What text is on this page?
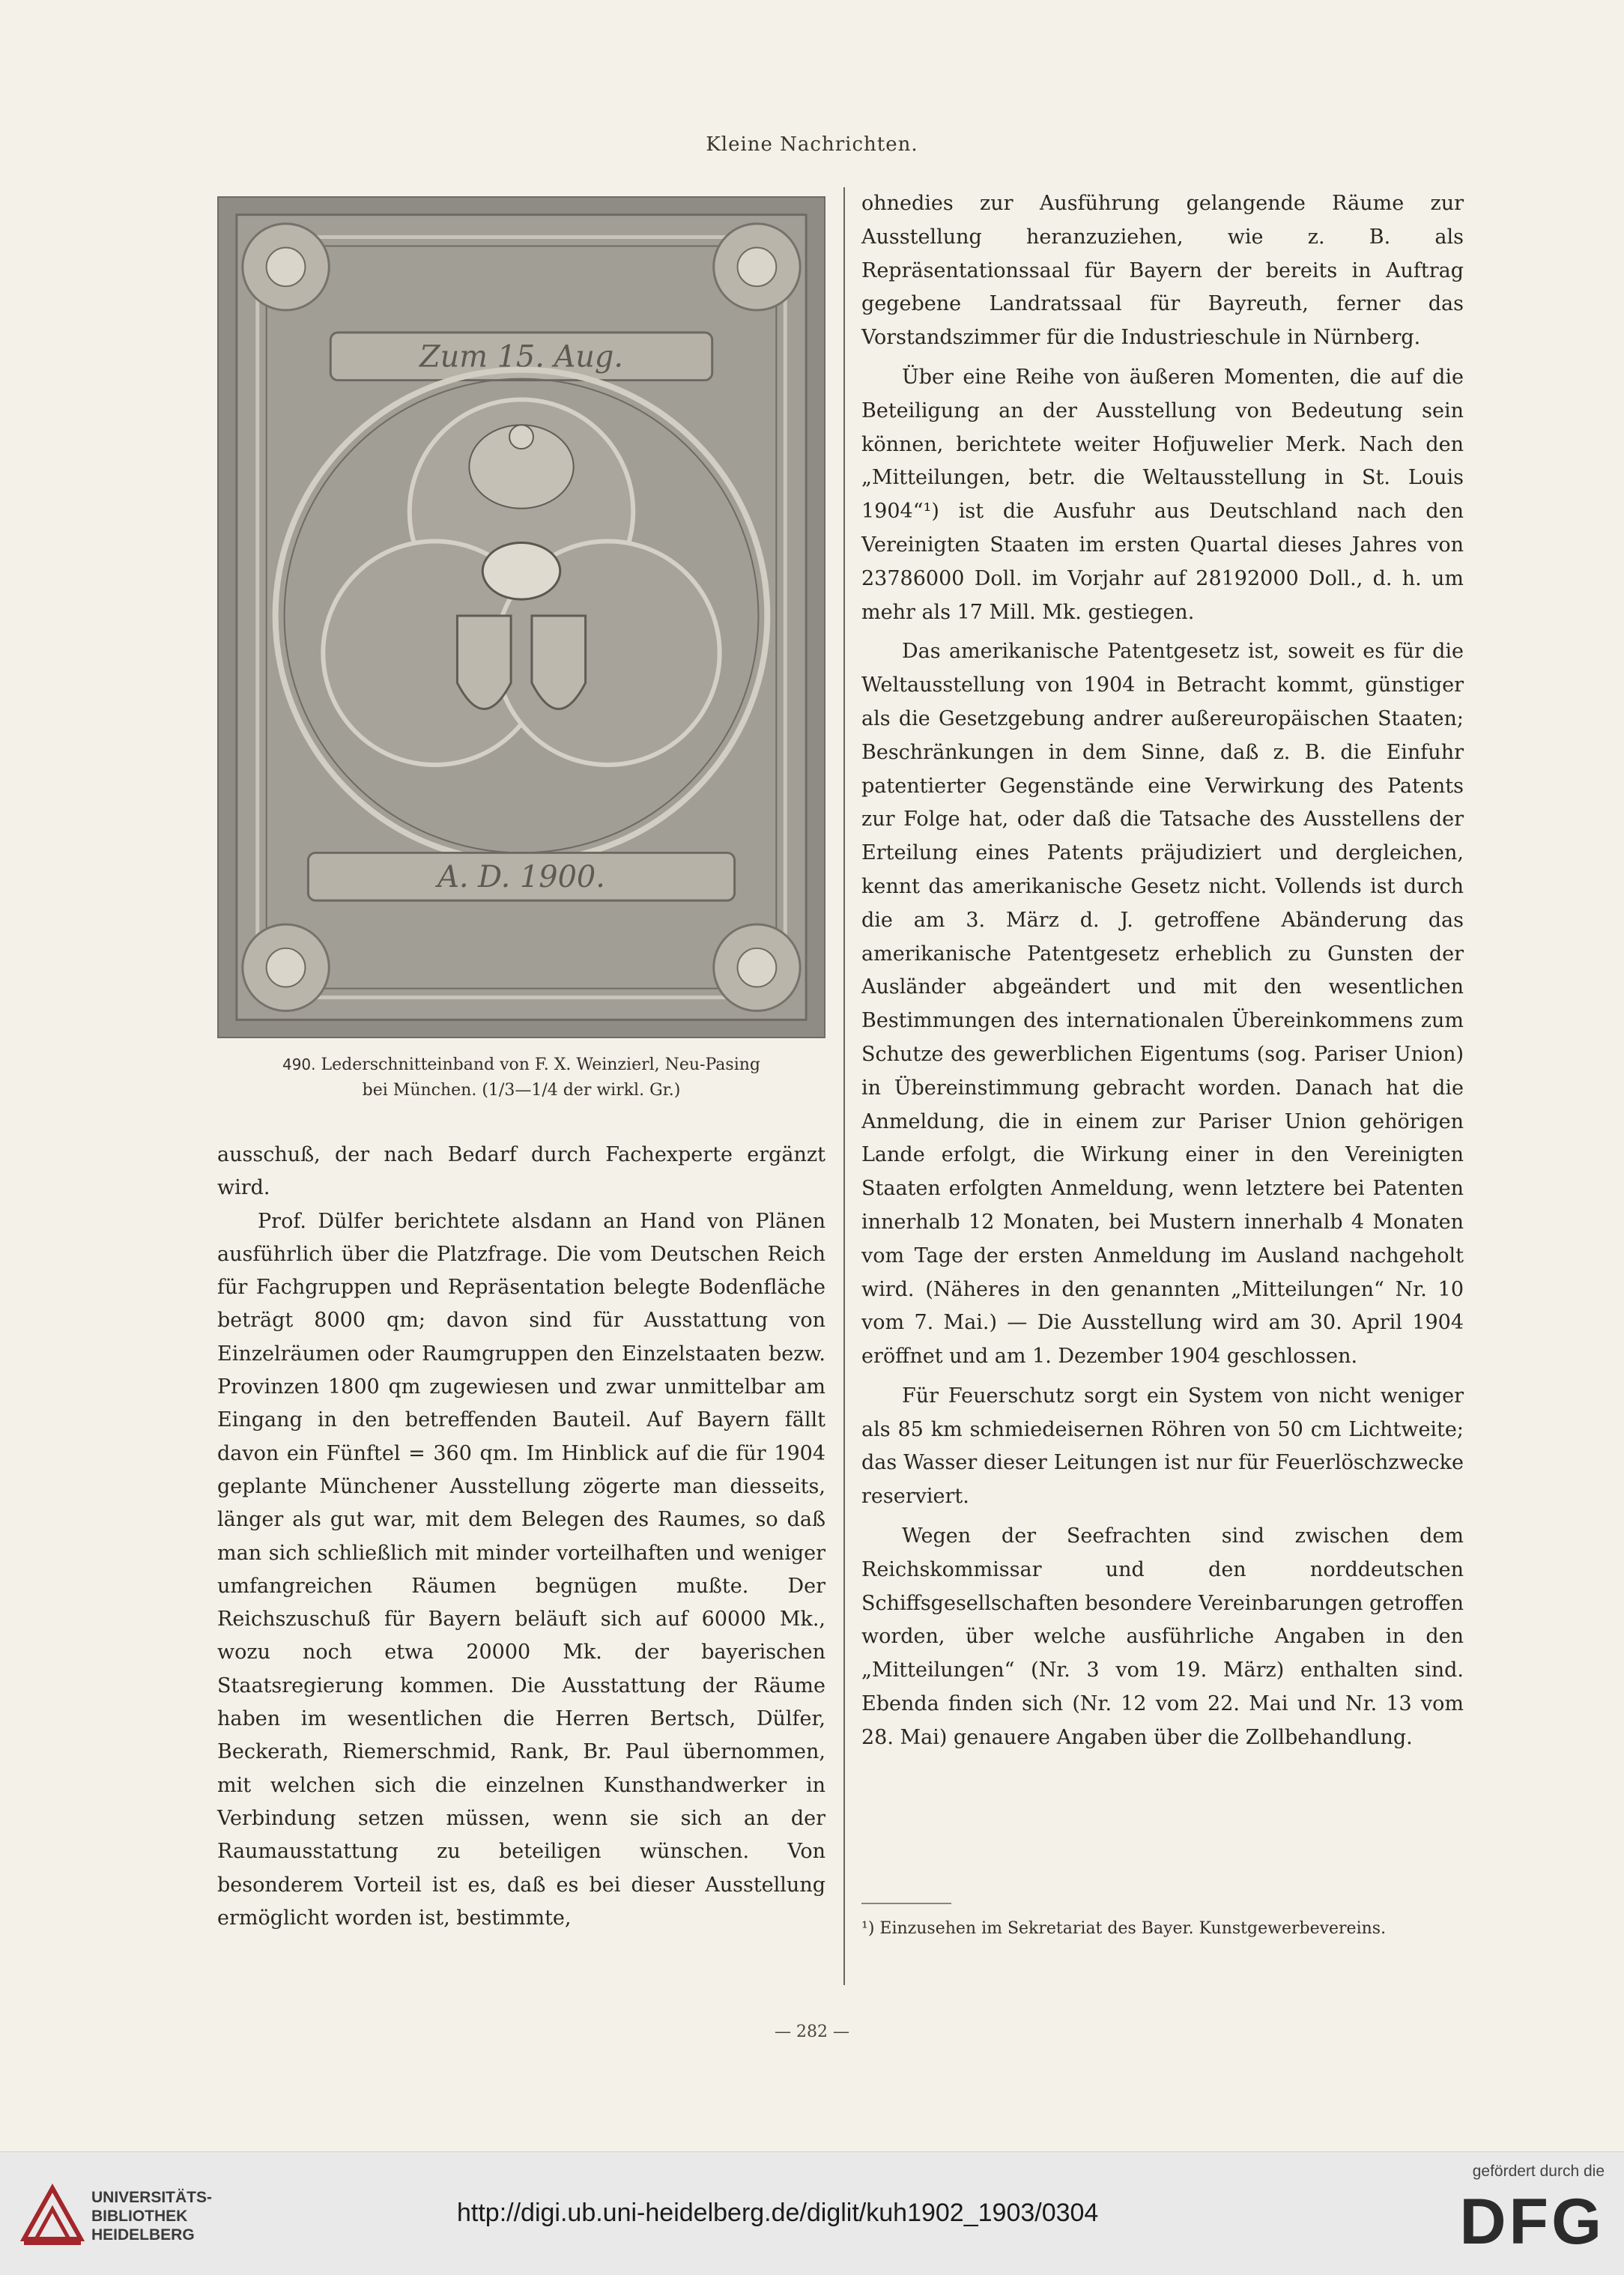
Kleine Nachrichten.
Zum 15. Aug.
A. D. 1900.
490. Lederschnitteinband von F. X. Weinzierl, Neu-Pasing
bei München. (1/3—1/4 der wirkl. Gr.)

ausschuß, der nach Bedarf durch Fachexperte ergänzt wird.

Prof. Dülfer berichtete alsdann an Hand von Plänen ausführlich über die Platzfrage. Die vom Deutschen Reich für Fachgruppen und Repräsentation belegte Bodenfläche beträgt 8000 qm; davon sind für Ausstattung von Einzelräumen oder Raumgruppen den Einzelstaaten bezw. Provinzen 1800 qm zugewiesen und zwar unmittelbar am Eingang in den betreffenden Bauteil. Auf Bayern fällt davon ein Fünftel = 360 qm. Im Hinblick auf die für 1904 geplante Münchener Ausstellung zögerte man diesseits, länger als gut war, mit dem Belegen des Raumes, so daß man sich schließlich mit minder vorteilhaften und weniger umfangreichen Räumen begnügen mußte. Der Reichszuschuß für Bayern beläuft sich auf 60000 Mk., wozu noch etwa 20000 Mk. der bayerischen Staatsregierung kommen. Die Ausstattung der Räume haben im wesentlichen die Herren Bertsch, Dülfer, Beckerath, Riemerschmid, Rank, Br. Paul übernommen, mit welchen sich die einzelnen Kunsthandwerker in Verbindung setzen müssen, wenn sie sich an der Raumausstattung zu beteiligen wünschen. Von besonderem Vorteil ist es, daß es bei dieser Ausstellung ermöglicht worden ist, bestimmte,

ohnedies zur Ausführung gelangende Räume zur Ausstellung heranzuziehen, wie z. B. als Repräsentationssaal für Bayern der bereits in Auftrag gegebene Landratssaal für Bayreuth, ferner das Vorstandszimmer für die Industrieschule in Nürnberg.

Über eine Reihe von äußeren Momenten, die auf die Beteiligung an der Ausstellung von Bedeutung sein können, berichtete weiter Hofjuwelier Merk. Nach den „Mitteilungen, betr. die Weltausstellung in St. Louis 1904“¹) ist die Ausfuhr aus Deutschland nach den Vereinigten Staaten im ersten Quartal dieses Jahres von 23786000 Doll. im Vorjahr auf 28192000 Doll., d. h. um mehr als 17 Mill. Mk. gestiegen.

Das amerikanische Patentgesetz ist, soweit es für die Weltausstellung von 1904 in Betracht kommt, günstiger als die Gesetzgebung andrer außereuropäischen Staaten; Beschränkungen in dem Sinne, daß z. B. die Einfuhr patentierter Gegenstände eine Verwirkung des Patents zur Folge hat, oder daß die Tatsache des Ausstellens der Erteilung eines Patents präjudiziert und dergleichen, kennt das amerikanische Gesetz nicht. Vollends ist durch die am 3. März d. J. getroffene Abänderung das amerikanische Patentgesetz erheblich zu Gunsten der Ausländer abgeändert und mit den wesentlichen Bestimmungen des internationalen Übereinkommens zum Schutze des gewerblichen Eigentums (sog. Pariser Union) in Übereinstimmung gebracht worden. Danach hat die Anmeldung, die in einem zur Pariser Union gehörigen Lande erfolgt, die Wirkung einer in den Vereinigten Staaten erfolgten Anmeldung, wenn letztere bei Patenten innerhalb 12 Monaten, bei Mustern innerhalb 4 Monaten vom Tage der ersten Anmeldung im Ausland nachgeholt wird. (Näheres in den genannten „Mitteilungen“ Nr. 10 vom 7. Mai.) — Die Ausstellung wird am 30. April 1904 eröffnet und am 1. Dezember 1904 geschlossen.

Für Feuerschutz sorgt ein System von nicht weniger als 85 km schmiedeisernen Röhren von 50 cm Lichtweite; das Wasser dieser Leitungen ist nur für Feuerlöschzwecke reserviert.

Wegen der Seefrachten sind zwischen dem Reichskommissar und den norddeutschen Schiffsgesellschaften besondere Vereinbarungen getroffen worden, über welche ausführliche Angaben in den „Mitteilungen“ (Nr. 3 vom 19. März) enthalten sind. Ebenda finden sich (Nr. 12 vom 22. Mai und Nr. 13 vom 28. Mai) genauere Angaben über die Zollbehandlung.

¹) Einzusehen im Sekretariat des Bayer. Kunstgewerbevereins.
— 282 —
UNIVERSITÄTS-
BIBLIOTHEK
HEIDELBERG
http://digi.ub.uni-heidelberg.de/diglit/kuh1902_1903/0304
gefördert durch die
DFG
